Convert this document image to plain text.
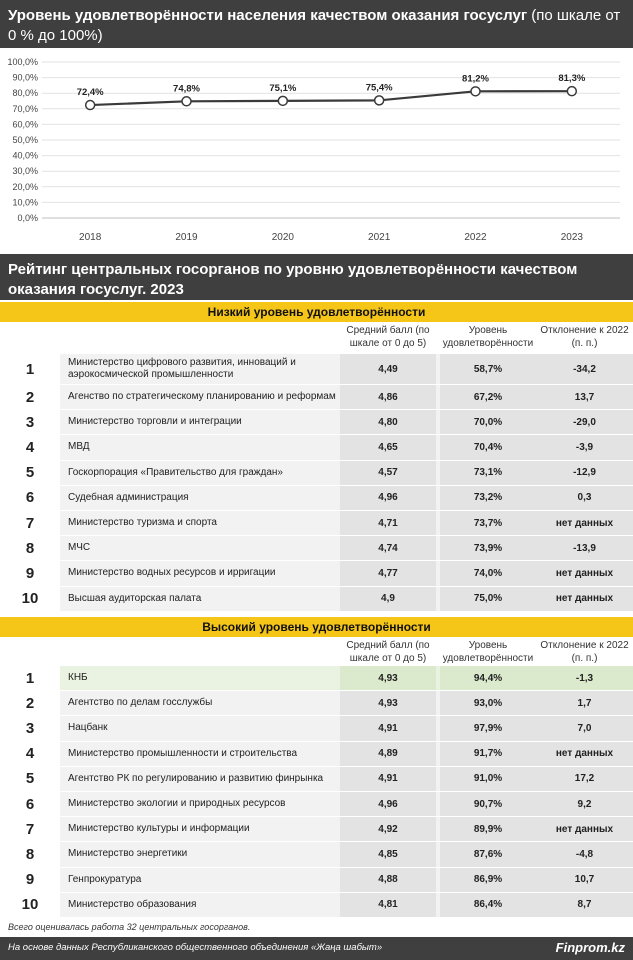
Уровень удовлетворённости населения качеством оказания госуслуг (по шкале от 0 % до 100%)
0,0%
10,0%
20,0%
30,0%
40,0%
50,0%
60,0%
70,0%
80,0%
90,0%
100,0%
2018	2019	2020	2021	2022	2023
72,4%	74,8%	75,1%	75,4%
81,2%	81,3%
Рейтинг центральных госорганов по уровню удовлетворённости качеством оказания госуслуг. 2023
Низкий уровень удовлетворённости
Средний балл (по шкале от 0 до 5)
Уровень удовлетворённости
Отклонение к 2022 (п. п.)
1	Министерство цифрового развития, инноваций и аэрокосмической промышленности	4,49	58,7%	-34,2
2	Агенство по стратегическому планированию и реформам	4,86	67,2%	13,7
3	Министерство торговли и интеграции	4,80	70,0%	-29,0
4	МВД	4,65	70,4%	-3,9
5	Госкорпорация «Правительство для граждан»	4,57	73,1%	-12,9
6	Судебная администрация	4,96	73,2%	0,3
7	Министерство туризма и спорта	4,71	73,7%	нет данных
8	МЧС	4,74	73,9%	-13,9
9	Министерство водных ресурсов и ирригации	4,77	74,0%	нет данных
10	Высшая аудиторская палата	4,9	75,0%	нет данных
Высокий уровень удовлетворённости
Средний балл (по шкале от 0 до 5)
Уровень удовлетворённости
Отклонение к 2022 (п. п.)
1	КНБ	4,93	94,4%	-1,3
2	Агентство по делам госслужбы	4,93	93,0%	1,7
3	Нацбанк	4,91	97,9%	7,0
4	Министерство промышленности и строительства	4,89	91,7%	нет данных
5	Агентство РК по регулированию и развитию финрынка	4,91	91,0%	17,2
6	Министерство экологии и природных ресурсов	4,96	90,7%	9,2
7	Министерство культуры и информации	4,92	89,9%	нет данных
8	Министерство энергетики	4,85	87,6%	-4,8
9	Генпрокуратура	4,88	86,9%	10,7
10	Министерство образования	4,81	86,4%	8,7
Всего оценивалась работа 32 центральных госорганов.
На основе данных Республиканского общественного объединения «Жаңа шабыт»	Finprom.kz
